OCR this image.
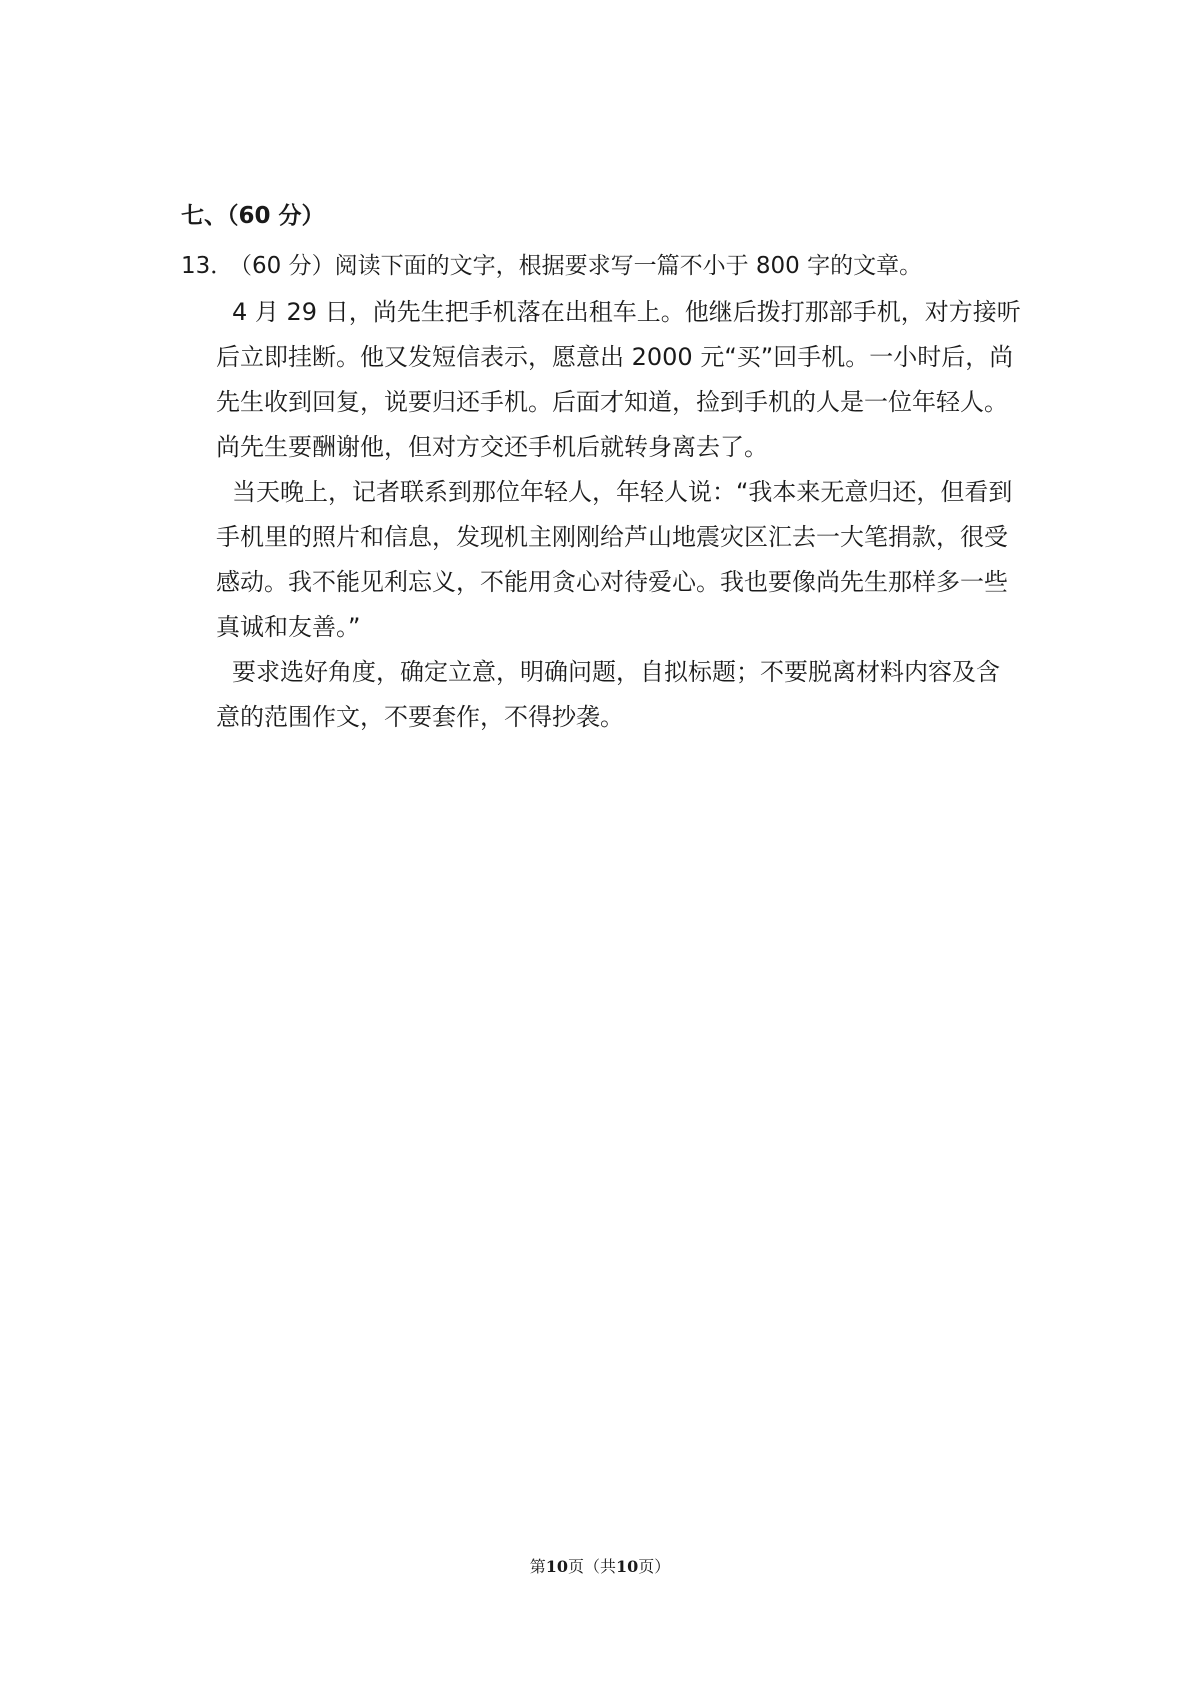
七、（60 分）
13．（60 分）阅读下面的文字，根据要求写一篇不小于 800 字的文章。
4 月 29 日，尚先生把手机落在出租车上。他继后拨打那部手机，对方接听
后立即挂断。他又发短信表示，愿意出 2000 元“买”回手机。一小时后，尚
先生收到回复，说要归还手机。后面才知道，捡到手机的人是一位年轻人。
尚先生要酬谢他，但对方交还手机后就转身离去了。
当天晚上，记者联系到那位年轻人，年轻人说：“我本来无意归还，但看到
手机里的照片和信息，发现机主刚刚给芦山地震灾区汇去一大笔捐款，很受
感动。我不能见利忘义，不能用贪心对待爱心。我也要像尚先生那样多一些
真诚和友善。”
要求选好角度，确定立意，明确问题，自拟标题；不要脱离材料内容及含
意的范围作文，不要套作，不得抄袭。
第10页（共10页）
